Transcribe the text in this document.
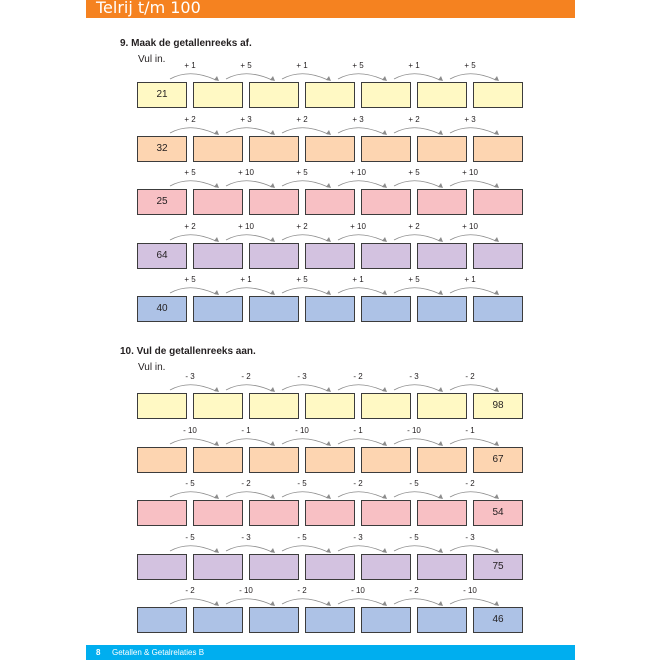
Telrij t/m 100
9. Maak de getallenreeks af.
Vul in.
10. Vul de getallenreeks aan.
Vul in.
21
+ 1	+ 5	+ 1	+ 5	+ 1	+ 5
32
+ 2	+ 3	+ 2	+ 3	+ 2	+ 3
25
+ 5	+ 10	+ 5	+ 10	+ 5	+ 10
64
+ 2	+ 10	+ 2	+ 10	+ 2	+ 10
40
+ 5	+ 1	+ 5	+ 1	+ 5	+ 1
98
- 3	- 2	- 3	- 2	- 3	- 2
67
- 10	- 1	- 10	- 1	- 10	- 1
54
- 5	- 2	- 5	- 2	- 5	- 2
75
- 5	- 3	- 5	- 3	- 5	- 3
46
- 2	- 10	- 2	- 10	- 2	- 10
8 Getallen & Getalrelaties B
